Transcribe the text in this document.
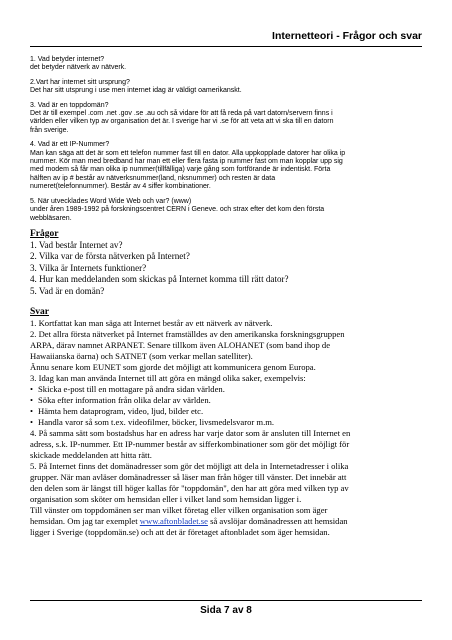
Internetteori - Frågor och svar
1. Vad betyder internet?
det betyder nätverk av nätverk.
2.Vart har internet sitt ursprung?
Det har sitt utsprung i use men internet idag är väldigt oamerikanskt.
3. Vad är en toppdomän?
Det är till exempel .com .net .gov .se .au och så vidare för att få reda på vart datorn/servern finns i
världen eller vilken typ av organisation det är. I sverige har vi .se för att veta att vi ska till en datorn
från sverige.
4. Vad är ett IP-Nummer?
Man kan säga att det är som ett telefon nummer fast till en dator. Alla uppkopplade datorer har olika ip
nummer. Kör man med bredband har man ett eller flera fasta ip nummer fast om man kopplar upp sig
med modem så får man olika ip nummer(tillfälliga) varje gång som fortförande är indentiskt. Förta
hälften av ip # består av nätverksnummer(land, nksnummer) och resten är data
numeret(telefonnummer). Består av 4 siffer kombinationer.
5. När utvecklades Word Wide Web och var? (www)
under åren 1989-1992 på forskningscentret CERN i Geneve. och strax efter det kom den första
webbläsaren.
Frågor
1. Vad består Internet av?
2. Vilka var de första nätverken på Internet?
3. Vilka är Internets funktioner?
4. Hur kan meddelanden som skickas på Internet komma till rätt dator?
5. Vad är en domän?
Svar
1. Kortfattat kan man säga att Internet består av ett nätverk av nätverk.
2. Det allra första nätverket på Internet framställdes av den amerikanska forskningsgruppen
ARPA, därav namnet ARPANET. Senare tillkom även ALOHANET (som band ihop de
Hawaiianska öarna) och SATNET (som verkar mellan satelliter).
Ännu senare kom EUNET som gjorde det möjligt att kommunicera genom Europa.
3. Idag kan man använda Internet till att göra en mängd olika saker, exempelvis:
• Skicka e-post till en mottagare på andra sidan världen.
• Söka efter information från olika delar av världen.
• Hämta hem dataprogram, video, ljud, bilder etc.
• Handla varor så som t.ex. videofilmer, böcker, livsmedelsvaror m.m.
4. På samma sätt som bostadshus har en adress har varje dator som är ansluten till Internet en
adress, s.k. IP-nummer. Ett IP-nummer består av sifferkombinationer som gör det möjligt för
skickade meddelanden att hitta rätt.
5. På Internet finns det domänadresser som gör det möjligt att dela in Internetadresser i olika
grupper. När man avläser domänadresser så läser man från höger till vänster. Det innebär att
den delen som är längst till höger kallas för "toppdomän", den har att göra med vilken typ av
organisation som sköter om hemsidan eller i vilket land som hemsidan ligger i.
Till vänster om toppdomänen ser man vilket företag eller vilken organisation som äger
hemsidan. Om jag tar exemplet www.aftonbladet.se så avslöjar domänadressen att hemsidan
ligger i Sverige (toppdomän.se) och att det är företaget aftonbladet som äger hemsidan.
Sida 7 av 8
